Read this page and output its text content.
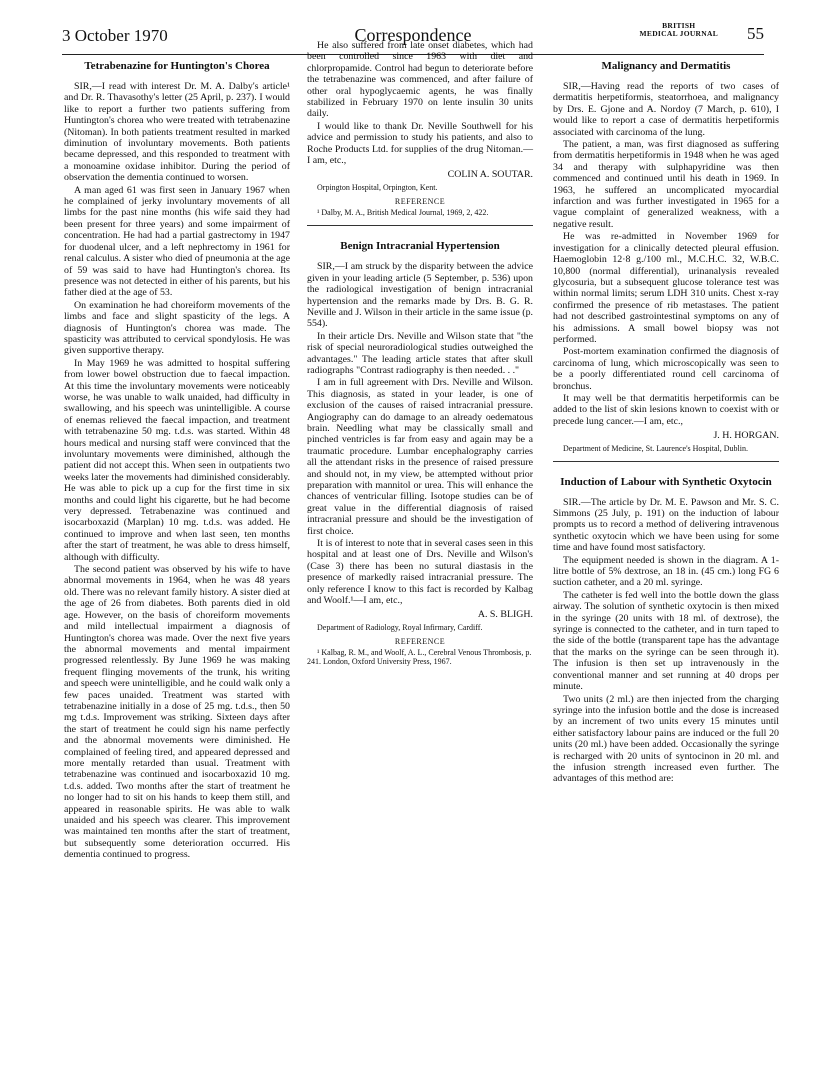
3 October 1970	Correspondence	BRITISH
MEDICAL JOURNAL 55
Tetrabenazine for Huntington's Chorea

SIR,—I read with interest Dr. M. A. Dalby's article¹ and Dr. R. Thavasothy's letter (25 April, p. 237). I would like to report a further two patients suffering from Huntington's chorea who were treated with tetrabenazine (Nitoman). In both patients treatment resulted in marked diminution of involuntary movements. Both patients became depressed, and this responded to treatment with a monoamine oxidase inhibitor. During the period of observation the dementia continued to worsen.

A man aged 61 was first seen in January 1967 when he complained of jerky involuntary movements of all limbs for the past nine months (his wife said they had been present for three years) and some impairment of concentration. He had had a partial gastrectomy in 1947 for duodenal ulcer, and a left nephrectomy in 1961 for renal calculus. A sister who died of pneumonia at the age of 59 was said to have had Huntington's chorea. Its presence was not detected in either of his parents, but his father died at the age of 53.

On examination he had choreiform movements of the limbs and face and slight spasticity of the legs. A diagnosis of Huntington's chorea was made. The spasticity was attributed to cervical spondylosis. He was given supportive therapy.

In May 1969 he was admitted to hospital suffering from lower bowel obstruction due to faecal impaction. At this time the involuntary movements were noticeably worse, he was unable to walk unaided, had difficulty in swallowing, and his speech was unintelligible. A course of enemas relieved the faecal impaction, and treatment with tetrabenazine 50 mg. t.d.s. was started. Within 48 hours medical and nursing staff were convinced that the involuntary movements were diminished, although the patient did not accept this. When seen in outpatients two weeks later the movements had diminished considerably. He was able to pick up a cup for the first time in six months and could light his cigarette, but he had become very depressed. Tetrabenazine was continued and isocarboxazid (Marplan) 10 mg. t.d.s. was added. He continued to improve and when last seen, ten months after the start of treatment, he was able to dress himself, although with difficulty.

The second patient was observed by his wife to have abnormal movements in 1964, when he was 48 years old. There was no relevant family history. A sister died at the age of 26 from diabetes. Both parents died in old age. However, on the basis of choreiform movements and mild intellectual impairment a diagnosis of Huntington's chorea was made. Over the next five years the abnormal movements and mental impairment progressed relentlessly. By June 1969 he was making frequent flinging movements of the trunk, his writing and speech were unintelligible, and he could walk only a few paces unaided. Treatment was started with tetrabenazine initially in a dose of 25 mg. t.d.s., then 50 mg t.d.s. Improvement was striking. Sixteen days after the start of treatment he could sign his name perfectly and the abnormal movements were diminished. He complained of feeling tired, and appeared depressed and more mentally retarded than usual. Treatment with tetrabenazine was continued and isocarboxazid 10 mg. t.d.s. added. Two months after the start of treatment he no longer had to sit on his hands to keep them still, and appeared in reasonable spirits. He was able to walk unaided and his speech was clearer. This improvement was maintained ten months after the start of treatment, but subsequently some deterioration occurred. His dementia continued to progress.

He also suffered from late onset diabetes, which had been controlled since 1963 with diet and chlorpropamide. Control had begun to deteriorate before the tetrabenazine was commenced, and after failure of other oral hypoglycaemic agents, he was finally stabilized in February 1970 on lente insulin 30 units daily.

I would like to thank Dr. Neville Southwell for his advice and permission to study his patients, and also to Roche Products Ltd. for supplies of the drug Nitoman.—I am, etc.,

COLIN A. SOUTAR.
Orpington Hospital, Orpington, Kent.
REFERENCE

¹ Dalby, M. A., British Medical Journal, 1969, 2, 422.

Benign Intracranial Hypertension

SIR,—I am struck by the disparity between the advice given in your leading article (5 September, p. 536) upon the radiological investigation of benign intracranial hypertension and the remarks made by Drs. B. G. R. Neville and J. Wilson in their article in the same issue (p. 554).

In their article Drs. Neville and Wilson state that "the risk of special neuroradiological studies outweighed the advantages." The leading article states that after skull radiographs "Contrast radiography is then needed. . ."

I am in full agreement with Drs. Neville and Wilson. This diagnosis, as stated in your leader, is one of exclusion of the causes of raised intracranial pressure. Angiography can do damage to an already oedematous brain. Needling what may be classically small and pinched ventricles is far from easy and again may be a traumatic procedure. Lumbar encephalography carries all the attendant risks in the presence of raised pressure and should not, in my view, be attempted without prior preparation with mannitol or urea. This will enhance the chances of ventricular filling. Isotope studies can be of great value in the differential diagnosis of raised intracranial pressure and should be the investigation of first choice.

It is of interest to note that in several cases seen in this hospital and at least one of Drs. Neville and Wilson's (Case 3) there has been no sutural diastasis in the presence of markedly raised intracranial pressure. The only reference I know to this fact is recorded by Kalbag and Woolf.¹—I am, etc.,

A. S. BLIGH.
Department of Radiology, Royal Infirmary, Cardiff.
REFERENCE

¹ Kalbag, R. M., and Woolf, A. L., Cerebral Venous Thrombosis, p. 241. London, Oxford University Press, 1967.

Malignancy and Dermatitis

SIR,—Having read the reports of two cases of dermatitis herpetiformis, steatorrhoea, and malignancy by Drs. E. Gjone and A. Nordoy (7 March, p. 610), I would like to report a case of dermatitis herpetiformis associated with carcinoma of the lung.

The patient, a man, was first diagnosed as suffering from dermatitis herpetiformis in 1948 when he was aged 34 and therapy with sulphapyridine was then commenced and continued until his death in 1969. In 1963, he suffered an uncomplicated myocardial infarction and was further investigated in 1965 for a vague complaint of generalized weakness, with a negative result.

He was re-admitted in November 1969 for investigation for a clinically detected pleural effusion. Haemoglobin 12·8 g./100 ml., M.C.H.C. 32, W.B.C. 10,800 (normal differential), urinanalysis revealed glycosuria, but a subsequent glucose tolerance test was within normal limits; serum LDH 310 units. Chest x-ray confirmed the presence of rib metastases. The patient had not described gastrointestinal symptoms on any of his admissions. A small bowel biopsy was not performed.

Post-mortem examination confirmed the diagnosis of carcinoma of lung, which microscopically was seen to be a poorly differentiated round cell carcinoma of bronchus.

It may well be that dermatitis herpetiformis can be added to the list of skin lesions known to coexist with or precede lung cancer.—I am, etc.,

J. H. HORGAN.
Department of Medicine, St. Laurence's Hospital, Dublin.
Induction of Labour with Synthetic Oxytocin

SIR.—The article by Dr. M. E. Pawson and Mr. S. C. Simmons (25 July, p. 191) on the induction of labour prompts us to record a method of delivering intravenous synthetic oxytocin which we have been using for some time and have found most satisfactory.

The equipment needed is shown in the diagram. A 1-litre bottle of 5% dextrose, an 18 in. (45 cm.) long FG 6 suction catheter, and a 20 ml. syringe.

The catheter is fed well into the bottle down the glass airway. The solution of synthetic oxytocin is then mixed in the syringe (20 units with 18 ml. of dextrose), the syringe is connected to the catheter, and in turn taped to the side of the bottle (transparent tape has the advantage that the marks on the syringe can be seen through it). The infusion is then set up intravenously in the conventional manner and set running at 40 drops per minute.

Two units (2 ml.) are then injected from the charging syringe into the infusion bottle and the dose is increased by an increment of two units every 15 minutes until either satisfactory labour pains are induced or the full 20 units (20 ml.) have been added. Occasionally the syringe is recharged with 20 units of syntocinon in 20 ml. and the infusion strength increased even further. The advantages of this method are:
